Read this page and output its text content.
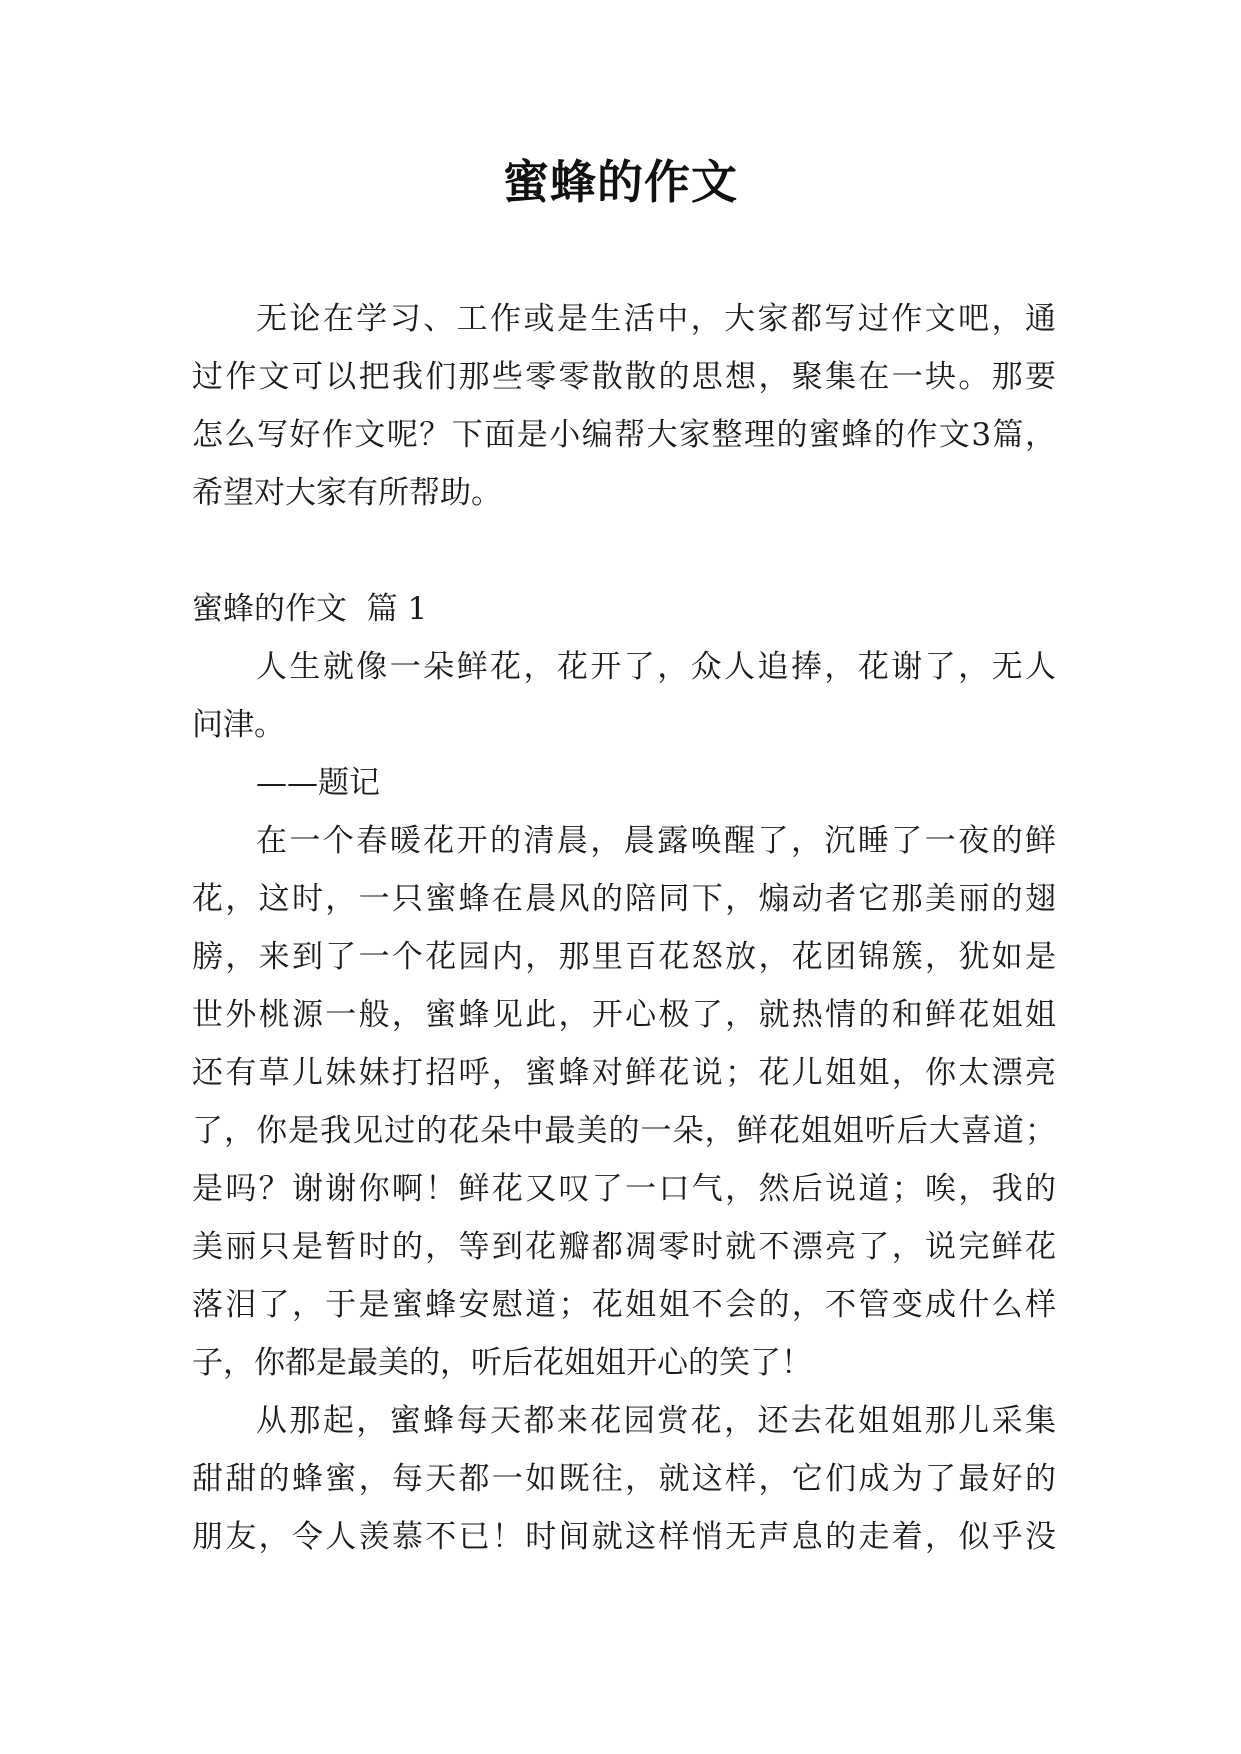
蜜蜂的作文
无论在学习、工作或是生活中，大家都写过作文吧，通
过作文可以把我们那些零零散散的思想，聚集在一块。那要
怎么写好作文呢？下面是小编帮大家整理的蜜蜂的作文3篇，
希望对大家有所帮助。
蜜蜂的作文  篇 1
人生就像一朵鲜花，花开了，众人追捧，花谢了，无人
问津。
——题记
在一个春暖花开的清晨，晨露唤醒了，沉睡了一夜的鲜
花，这时，一只蜜蜂在晨风的陪同下，煽动者它那美丽的翅
膀，来到了一个花园内，那里百花怒放，花团锦簇，犹如是
世外桃源一般，蜜蜂见此，开心极了，就热情的和鲜花姐姐
还有草儿妹妹打招呼，蜜蜂对鲜花说；花儿姐姐，你太漂亮
了，你是我见过的花朵中最美的一朵，鲜花姐姐听后大喜道；
是吗？谢谢你啊！鲜花又叹了一口气，然后说道；唉，我的
美丽只是暂时的，等到花瓣都凋零时就不漂亮了，说完鲜花
落泪了，于是蜜蜂安慰道；花姐姐不会的，不管变成什么样
子，你都是最美的，听后花姐姐开心的笑了！
从那起，蜜蜂每天都来花园赏花，还去花姐姐那儿采集
甜甜的蜂蜜，每天都一如既往，就这样，它们成为了最好的
朋友，令人羡慕不已！时间就这样悄无声息的走着，似乎没
